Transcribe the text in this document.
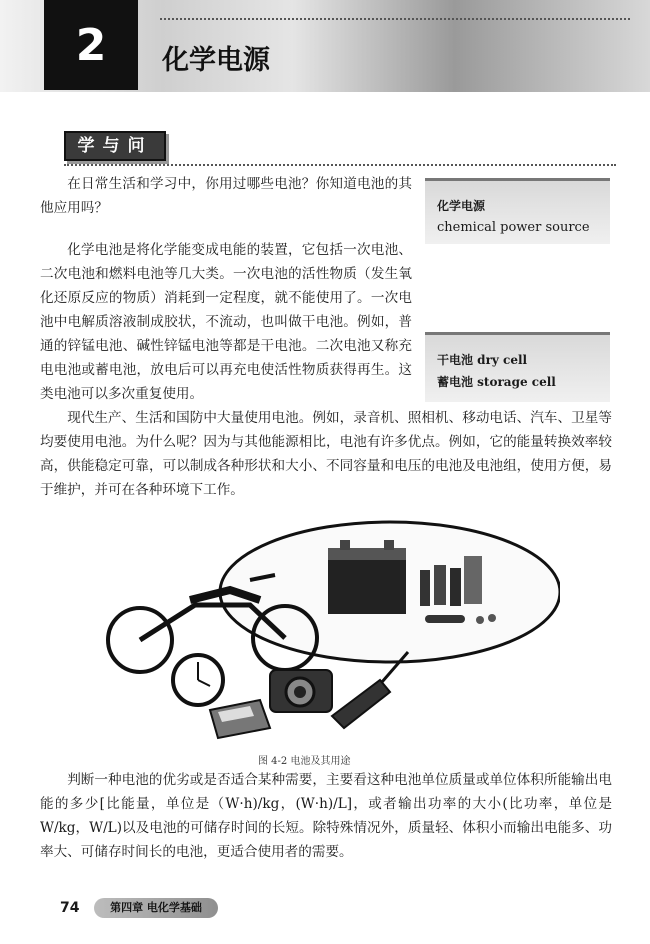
2	化学电源
学与问
化学电源
chemical power source
干电池 dry cell
蓄电池 storage cell
在日常生活和学习中，你用过哪些电池？你知道电池的其他应用吗？
化学电池是将化学能变成电能的装置，它包括一次电池、二次电池和燃料电池等几大类。一次电池的活性物质（发生氧化还原反应的物质）消耗到一定程度，就不能使用了。一次电池中电解质溶液制成胶状，不流动，也叫做干电池。例如，普通的锌锰电池、碱性锌锰电池等都是干电池。二次电池又称充电电池或蓄电池，放电后可以再充电使活性物质获得再生。这类电池可以多次重复使用。
现代生产、生活和国防中大量使用电池。例如，录音机、照相机、移动电话、汽车、卫星等均要使用电池。为什么呢？因为与其他能源相比，电池有许多优点。例如，它的能量转换效率较高，供能稳定可靠，可以制成各种形状和大小、不同容量和电压的电池及电池组，使用方便，易于维护，并可在各种环境下工作。
图 4-2 电池及其用途
判断一种电池的优劣或是否适合某种需要，主要看这种电池单位质量或单位体积所能输出电能的多少[比能量，单位是（W·h)/kg，(W·h)/L]，或者输出功率的大小(比功率，单位是W/kg，W/L)以及电池的可储存时间的长短。除特殊情况外，质量轻、体积小而输出电能多、功率大、可储存时间长的电池，更适合使用者的需要。
74	第四章 电化学基础
